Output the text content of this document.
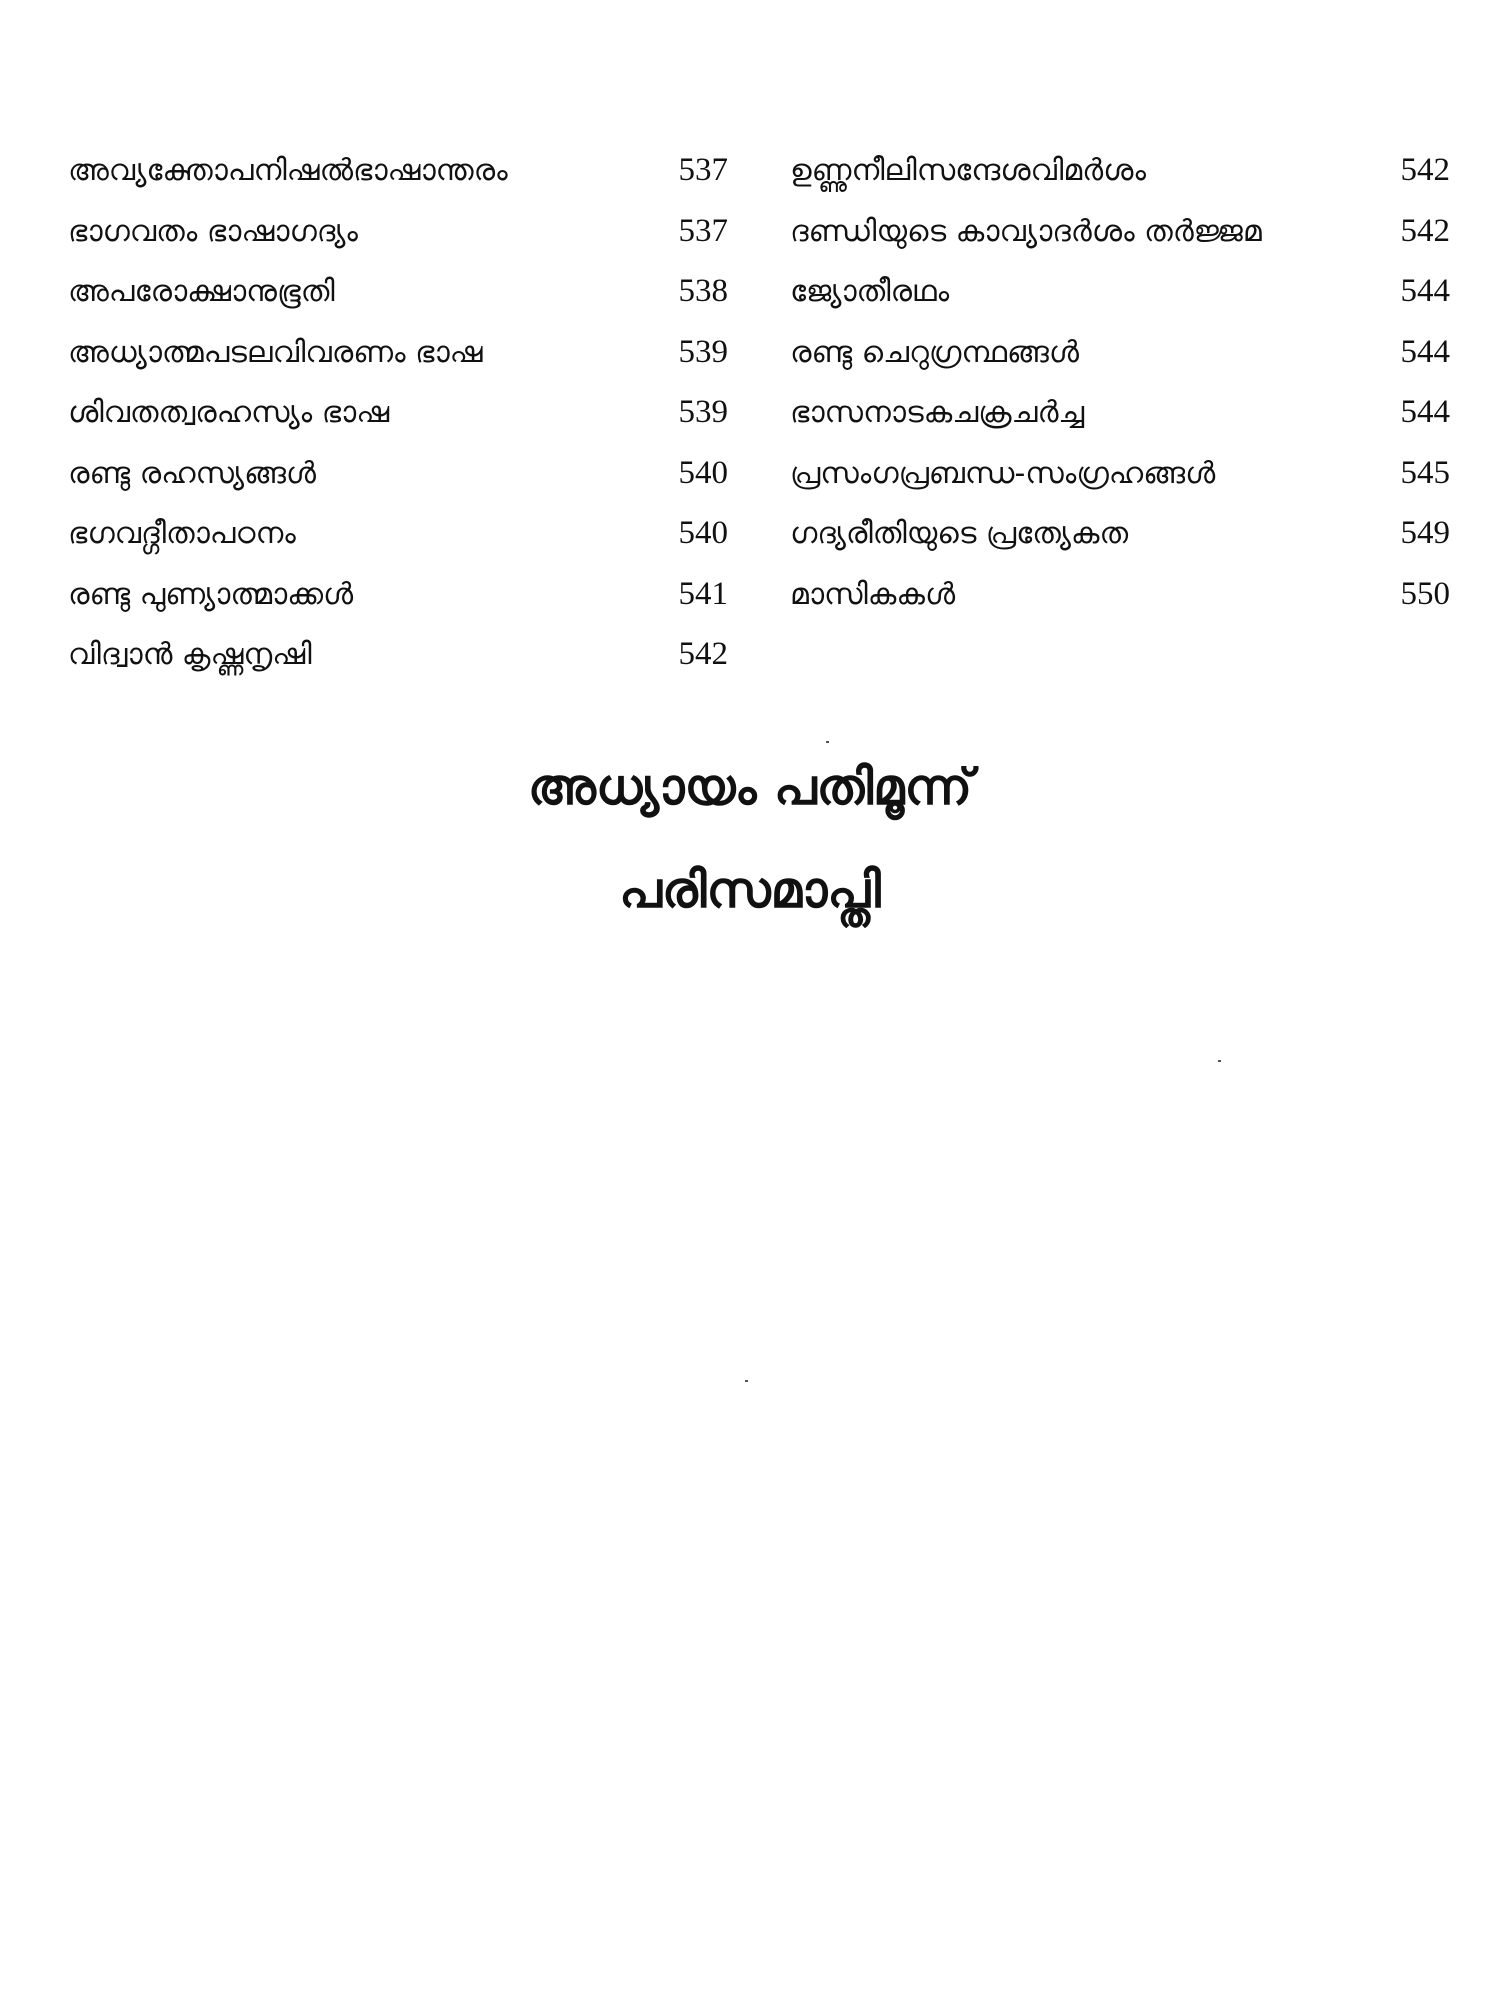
അവ്യക്തോപനിഷൽഭാഷാന്തരം	537
ഭാഗവതം ഭാഷാഗദ്യം	537
അപരോക്ഷാനുഭൂതി	538
അധ്യാത്മപടലവിവരണം ഭാഷ	539
ശിവതത്വരഹസ്യം ഭാഷ	539
രണ്ടു രഹസ്യങ്ങൾ	540
ഭഗവദ്ഗീതാപഠനം	540
രണ്ടു പുണ്യാത്മാക്കൾ	541
വിദ്വാൻ കൃഷ്ണനൃഷി	542
ഉണ്ണുനീലിസന്ദേശവിമർശം	542
ദണ്ഡിയുടെ കാവ്യാദർശം തർജ്ജമ	542
ജ്യോതീരഥം	544
രണ്ടു ചെറുഗ്രന്ഥങ്ങൾ	544
ഭാസനാടകചക്രചർച്ച	544
പ്രസംഗപ്രബന്ധ-സംഗ്രഹങ്ങൾ	545
ഗദ്യരീതിയുടെ പ്രത്യേകത	549
മാസികകൾ	550
അധ്യായം പതിമൂന്ന്
പരിസമാപ്തി
